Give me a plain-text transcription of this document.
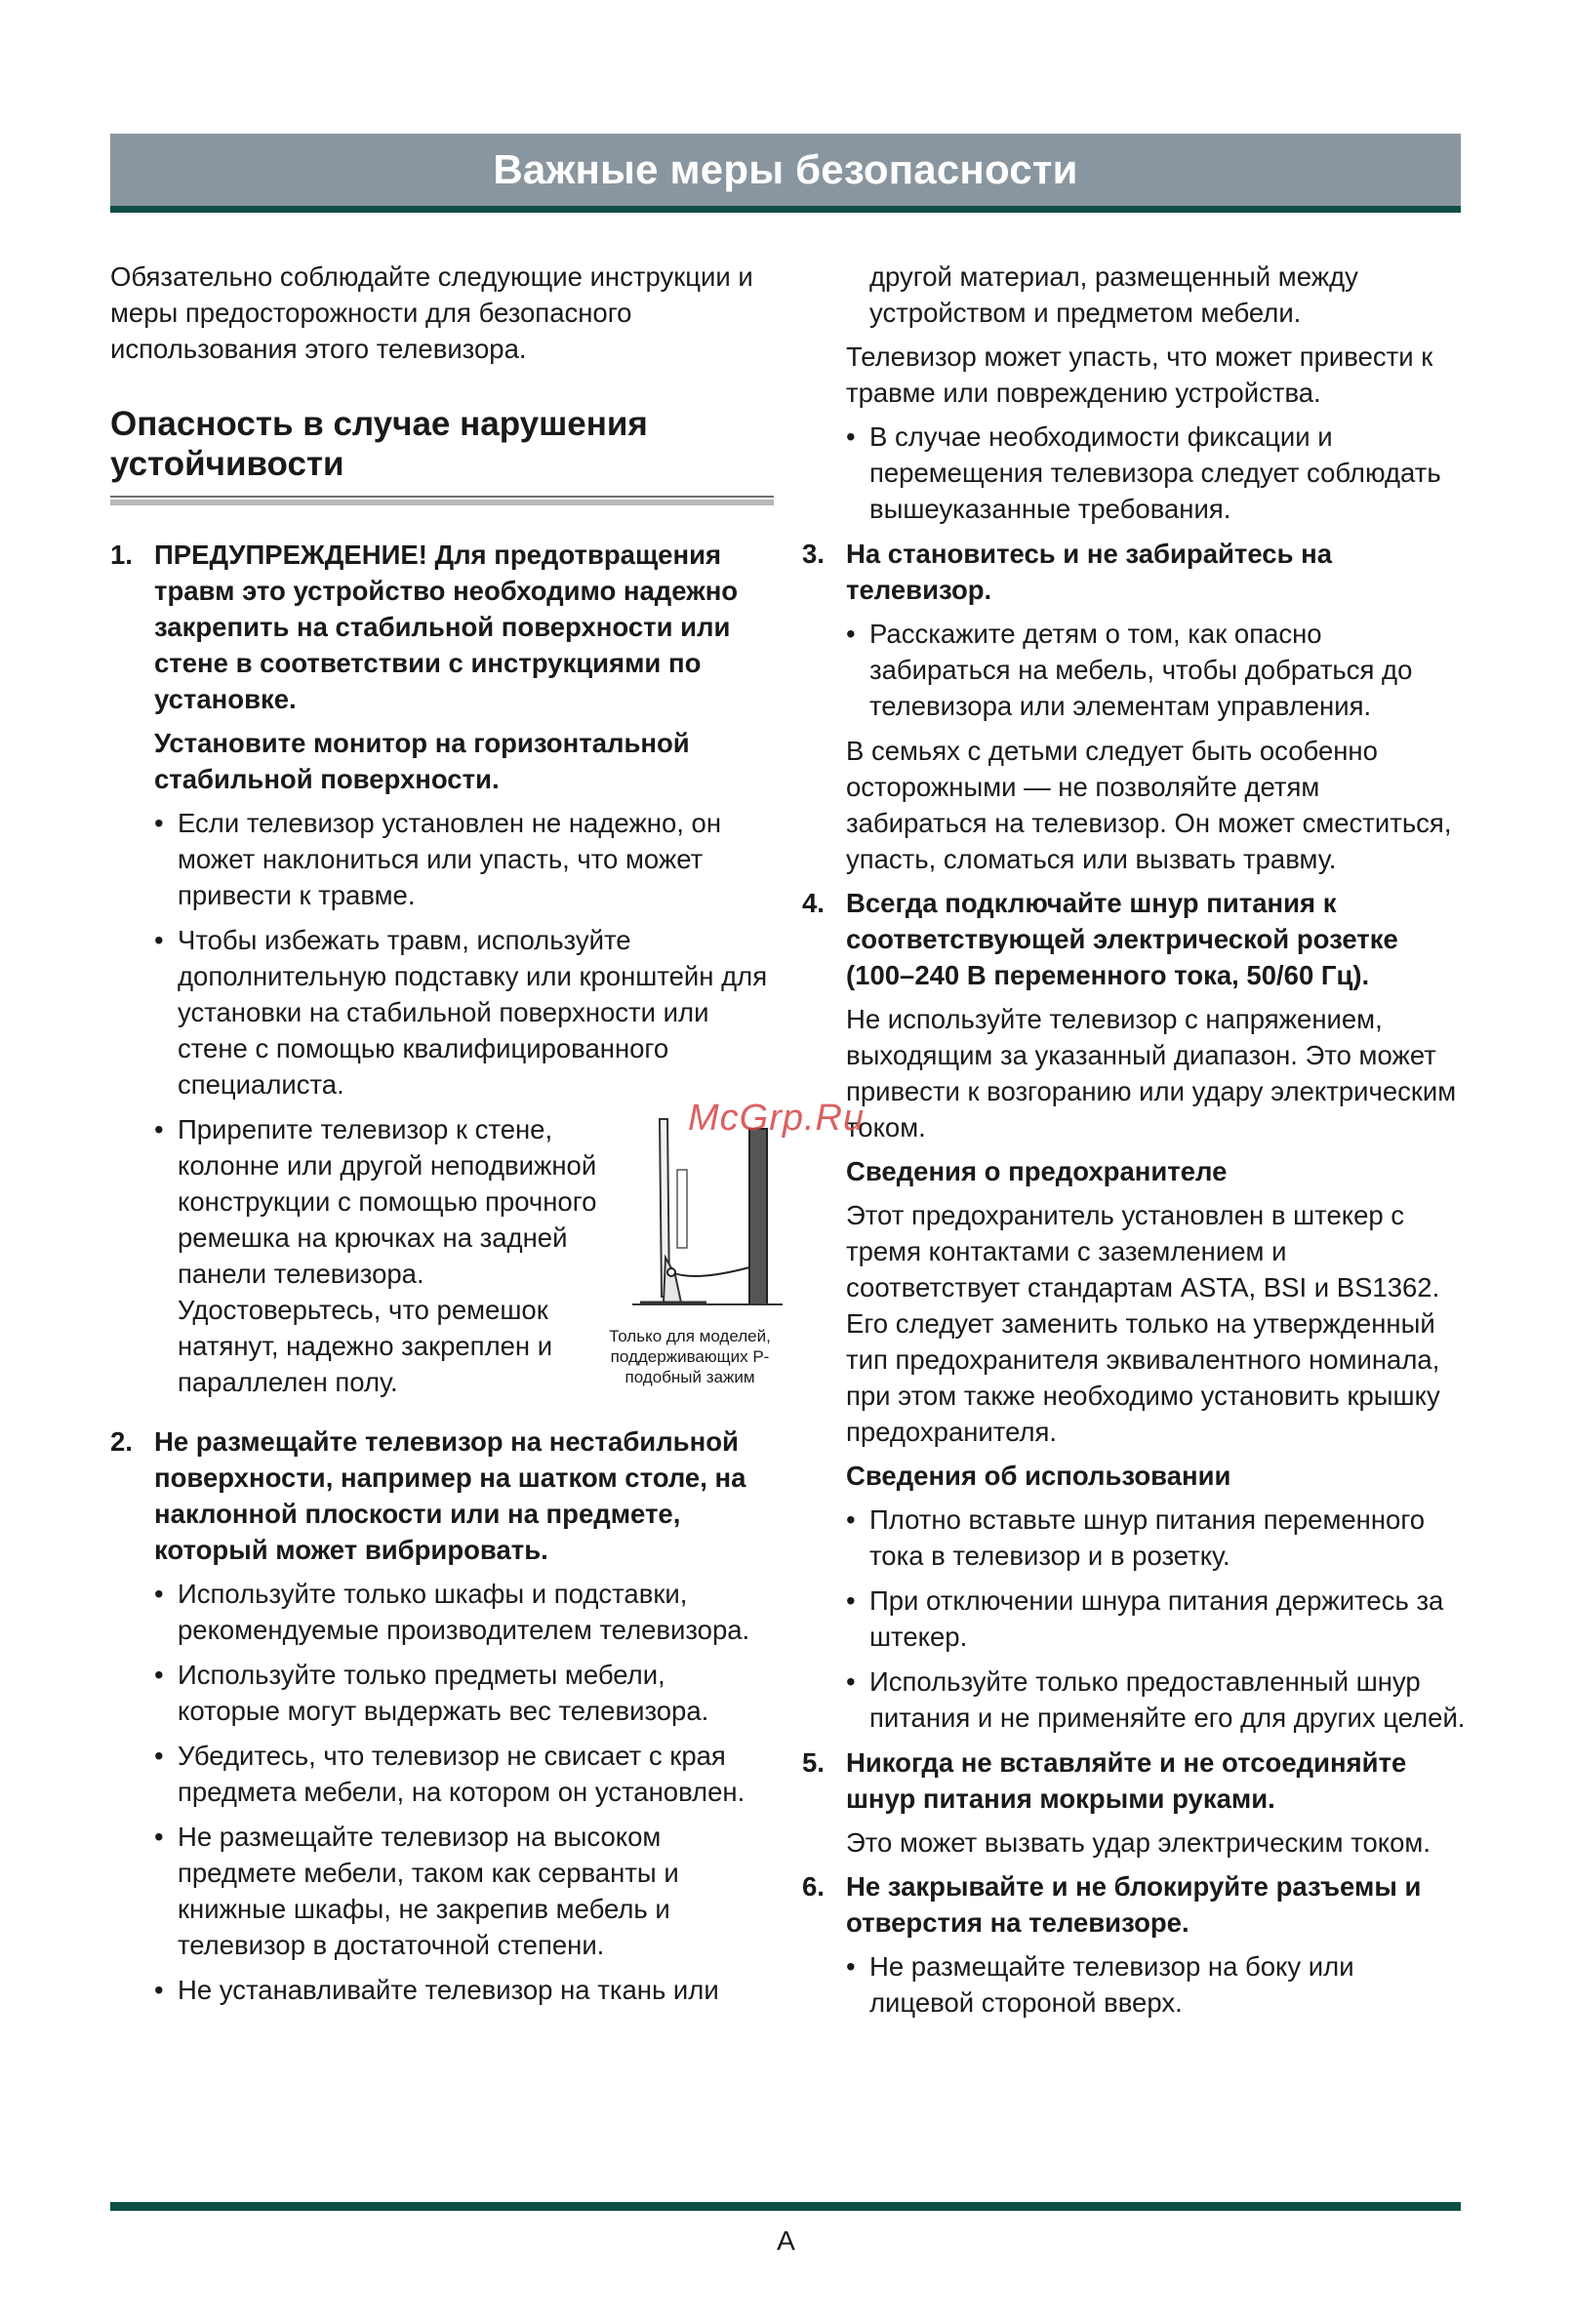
Важные меры безопасности

Обязательно соблюдайте следующие инструкции и меры предосторожности для безопасного использования этого телевизора.

Опасность в случае нарушения устойчивости

1. ПРЕДУПРЕЖДЕНИЕ! Для предотвращения травм это устройство необходимо надежно закрепить на стабильной поверхности или стене в соответствии с инструкциями по установке.

Установите монитор на горизонтальной стабильной поверхности.

• Если телевизор установлен не надежно, он может наклониться или упасть, что может привести к травме.

• Чтобы избежать травм, используйте дополнительную подставку или кронштейн для установки на стабильной поверхности или стене с помощью квалифицированного специалиста.

• Прирепите телевизор к стене, колонне или другой неподвижной конструкции с помощью прочного ремешка на крючках на задней панели телевизора. Удостоверьтесь, что ремешок натянут, надежно закреплен и параллелен полу.

Только для моделей, поддерживающих P-подобный зажим

2. Не размещайте телевизор на нестабильной поверхности, например на шатком столе, на наклонной плоскости или на предмете, который может вибрировать.

• Используйте только шкафы и подставки, рекомендуемые производителем телевизора.

• Используйте только предметы мебели, которые могут выдержать вес телевизора.

• Убедитесь, что телевизор не свисает с края предмета мебели, на котором он установлен.

• Не размещайте телевизор на высоком предмете мебели, таком как серванты и книжные шкафы, не закрепив мебель и телевизор в достаточной степени.

• Не устанавливайте телевизор на ткань или

другой материал, размещенный между устройством и предметом мебели.

Телевизор может упасть, что может привести к травме или повреждению устройства.

• В случае необходимости фиксации и перемещения телевизора следует соблюдать вышеуказанные требования.

3. На становитесь и не забирайтесь на телевизор.

• Расскажите детям о том, как опасно забираться на мебель, чтобы добраться до телевизора или элементам управления.

В семьях с детьми следует быть особенно осторожными — не позволяйте детям забираться на телевизор. Он может сместиться, упасть, сломаться или вызвать травму.

4. Всегда подключайте шнур питания к соответствующей электрической розетке (100–240 В переменного тока, 50/60 Гц).

Не используйте телевизор с напряжением, выходящим за указанный диапазон. Это может привести к возгоранию или удару электрическим током.

Сведения о предохранителе

Этот предохранитель установлен в штекер с тремя контактами с заземлением и соответствует стандартам ASTA, BSI и BS1362. Его следует заменить только на утвержденный тип предохранителя эквивалентного номинала, при этом также необходимо установить крышку предохранителя.

Сведения об использовании

• Плотно вставьте шнур питания переменного тока в телевизор и в розетку.

• При отключении шнура питания держитесь за штекер.

• Используйте только предоставленный шнур питания и не применяйте его для других целей.

5. Никогда не вставляйте и не отсоединяйте шнур питания мокрыми руками.

Это может вызвать удар электрическим током.

6. Не закрывайте и не блокируйте разъемы и отверстия на телевизоре.

• Не размещайте телевизор на боку или лицевой стороной вверх.

McGrp.Ru
A
